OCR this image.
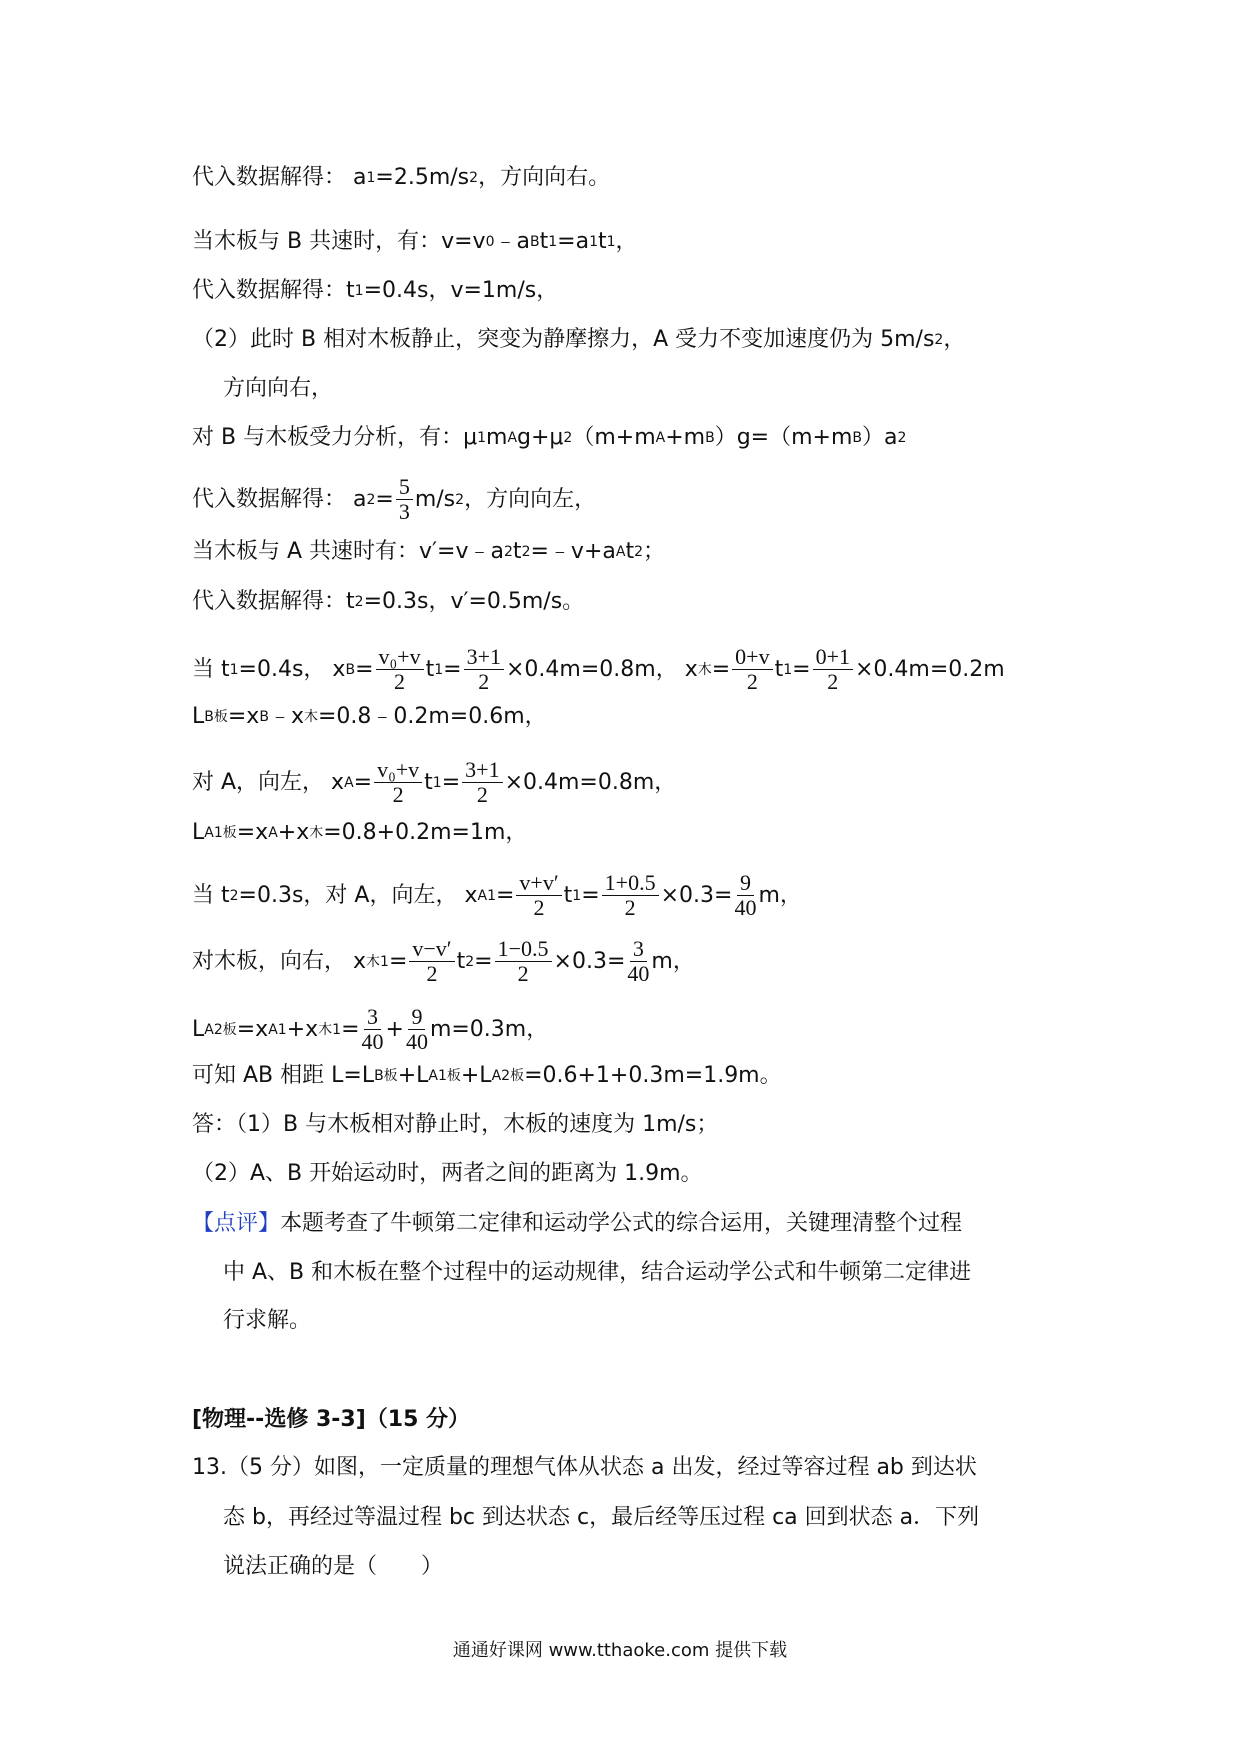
代入数据解得： a 1 =2.5m/s 2 ，方向向右。
当木板与 B 共速时，有：v=v 0 ﹣a B t 1 =a 1 t 1 ，
代入数据解得：t 1 =0.4s，v=1m/s，
（2）此时 B 相对木板静止，突变为静摩擦力，A 受力不变加速度仍为 5m/s 2 ，
方向向右，
对 B 与木板受力分析，有：μ 1 m A g+μ 2 （m+m A +m B ）g=（m+m B ）a 2
代入数据解得： a $2 = \frac{5}{3} m/s$ 2 ，方向向左，
当木板与 A 共速时有：v′=v﹣a 2 t 2 =﹣v+a A t 2 ；
代入数据解得：t 2 =0.3s，v′=0.5m/s。
当 t 1 =0.4s， x $B = \frac{\text{v₀+v}}{2}$ t $1 = \frac{3+1}{2} \times 0.4m=0.8m$， x 木 = $\frac{0+v}{2}$ t $1 = \frac{0+1}{2} \times 0.4m=0.2m$
L B板 =x B ﹣x 木 =0.8﹣0.2m=0.6m，
对 A，向左， x $A = \frac{\text{v₀+v}}{2}$ t $1 = \frac{3+1}{2} \times 0.4m=0.8m$，
L A1板 =x A +x 木 =0.8+0.2m=1m，
当 t 2 =0.3s，对 A，向左， x $A1 = \frac{v+v'}{2}$ t $1 = \frac{1+0.5}{2} \times 0.3= \frac{9}{40}$ m，
对木板，向右， x 木$1 = \frac{v-v'}{2}$ t $2 = \frac{1-0.5}{2} \times 0.3= \frac{3}{40}$ m，
L A2板 =x A1 +x 木$1 = \frac{3}{40} + \frac{9}{40} m=0.3m$，
可知 AB 相距 L=L B板 +L A1板 +L A2板 =0.6+1+0.3m=1.9m。
答：（1）B 与木板相对静止时，木板的速度为 1m/s；
（2）A、B 开始运动时，两者之间的距离为 1.9m。
【点评】 本题考查了牛顿第二定律和运动学公式的综合运用，关键理清整个过程
中 A、B 和木板在整个过程中的运动规律，结合运动学公式和牛顿第二定律进
行求解。
[物理--选修 3-3]（15 分）
13.（5 分）如图，一定质量的理想气体从状态 a 出发，经过等容过程 ab 到达状
态 b，再经过等温过程 bc 到达状态 c，最后经等压过程 ca 回到状态 a．下列
说法正确的是（　　）
通通好课网 www.tthaoke.com 提供下载
